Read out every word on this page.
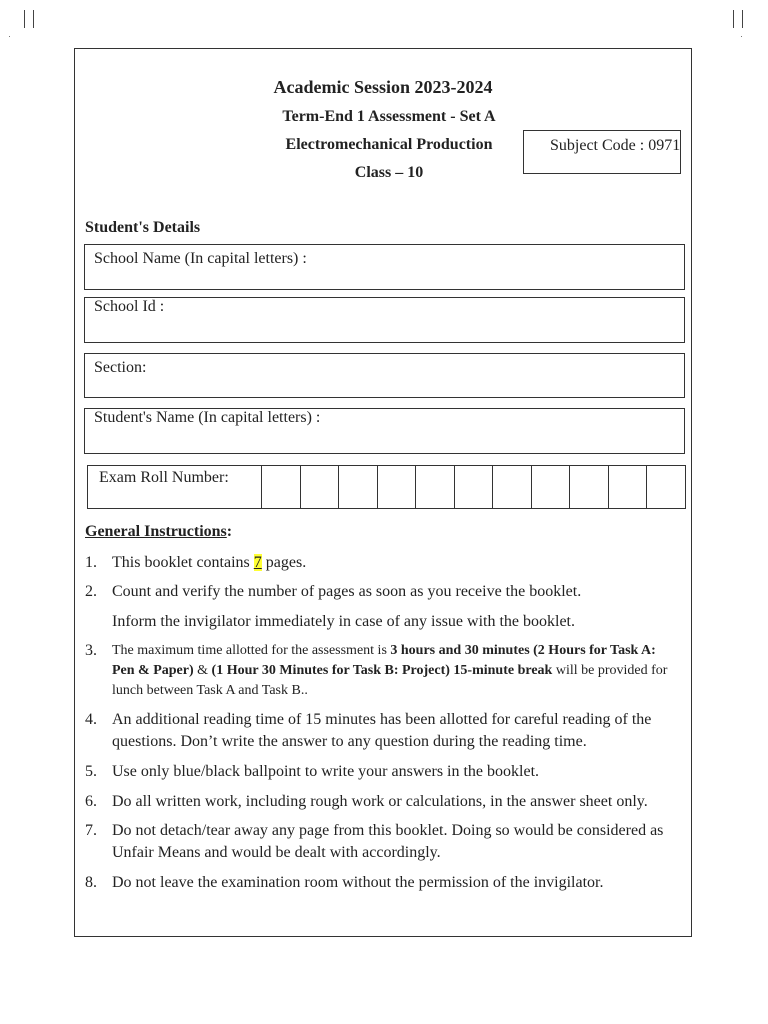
Academic Session 2023-2024
Term-End 1 Assessment - Set A
Electromechanical Production
Class – 10
Subject Code : 0971
Student's Details
School Name (In capital letters) :
School Id :
Section:
Student's Name (In capital letters) :
Exam Roll Number:
General Instructions:
1. This booklet contains 7 pages.
2. Count and verify the number of pages as soon as you receive the booklet.
Inform the invigilator immediately in case of any issue with the booklet.
3. The maximum time allotted for the assessment is 3 hours and 30 minutes (2 Hours for Task A: Pen & Paper) & (1 Hour 30 Minutes for Task B: Project) 15-minute break will be provided for lunch between Task A and Task B..
4. An additional reading time of 15 minutes has been allotted for careful reading of the questions. Don’t write the answer to any question during the reading time.
5. Use only blue/black ballpoint to write your answers in the booklet.
6. Do all written work, including rough work or calculations, in the answer sheet only.
7. Do not detach/tear away any page from this booklet. Doing so would be considered as Unfair Means and would be dealt with accordingly.
8. Do not leave the examination room without the permission of the invigilator.
